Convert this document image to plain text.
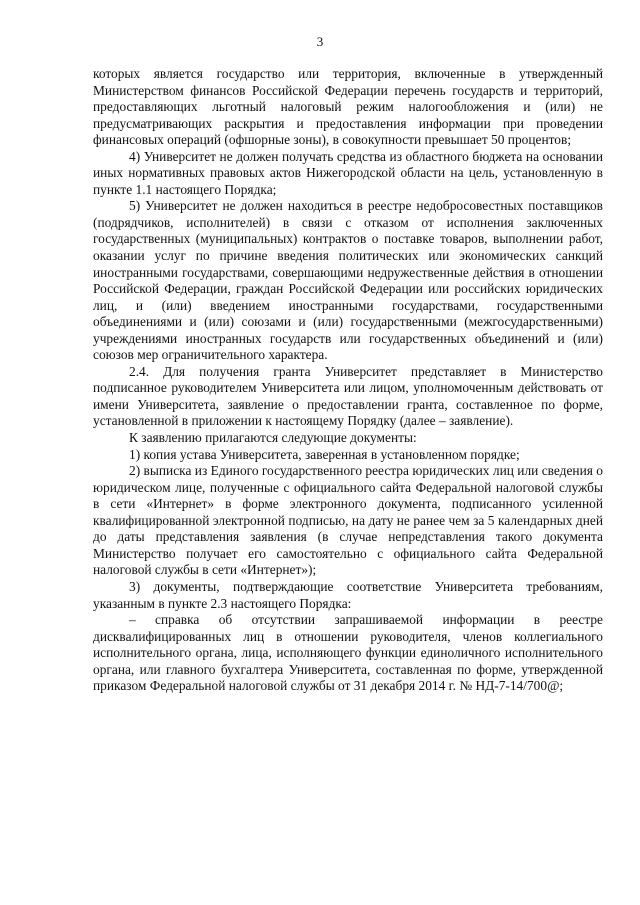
3

которых является государство или территория, включенные в утвержденный Министерством финансов Российской Федерации перечень государств и территорий, предоставляющих льготный налоговый режим налогообложения и (или) не предусматривающих раскрытия и предоставления информации при проведении финансовых операций (офшорные зоны), в совокупности превышает 50 процентов;

4) Университет не должен получать средства из областного бюджета на основании иных нормативных правовых актов Нижегородской области на цель, установленную в пункте 1.1 настоящего Порядка;

5) Университет не должен находиться в реестре недобросовестных поставщиков (подрядчиков, исполнителей) в связи с отказом от исполнения заключенных государственных (муниципальных) контрактов о поставке товаров, выполнении работ, оказании услуг по причине введения политических или экономических санкций иностранными государствами, совершающими недружественные действия в отношении Российской Федерации, граждан Российской Федерации или российских юридических лиц, и (или) введением иностранными государствами, государственными объединениями и (или) союзами и (или) государственными (межгосударственными) учреждениями иностранных государств или государственных объединений и (или) союзов мер ограничительного характера.

2.4. Для получения гранта Университет представляет в Министерство подписанное руководителем Университета или лицом, уполномоченным действовать от имени Университета, заявление о предоставлении гранта, составленное по форме, установленной в приложении к настоящему Порядку (далее – заявление).

К заявлению прилагаются следующие документы:

1) копия устава Университета, заверенная в установленном порядке;

2) выписка из Единого государственного реестра юридических лиц или сведения о юридическом лице, полученные с официального сайта Федеральной налоговой службы в сети «Интернет» в форме электронного документа, подписанного усиленной квалифицированной электронной подписью, на дату не ранее чем за 5 календарных дней до даты представления заявления (в случае непредставления такого документа Министерство получает его самостоятельно с официального сайта Федеральной налоговой службы в сети «Интернет»);

3) документы, подтверждающие соответствие Университета требованиям, указанным в пункте 2.3 настоящего Порядка:

– справка об отсутствии запрашиваемой информации в реестре дисквалифицированных лиц в отношении руководителя, членов коллегиального исполнительного органа, лица, исполняющего функции единоличного исполнительного органа, или главного бухгалтера Университета, составленная по форме, утвержденной приказом Федеральной налоговой службы от 31 декабря 2014 г. № НД-7-14/700@;
